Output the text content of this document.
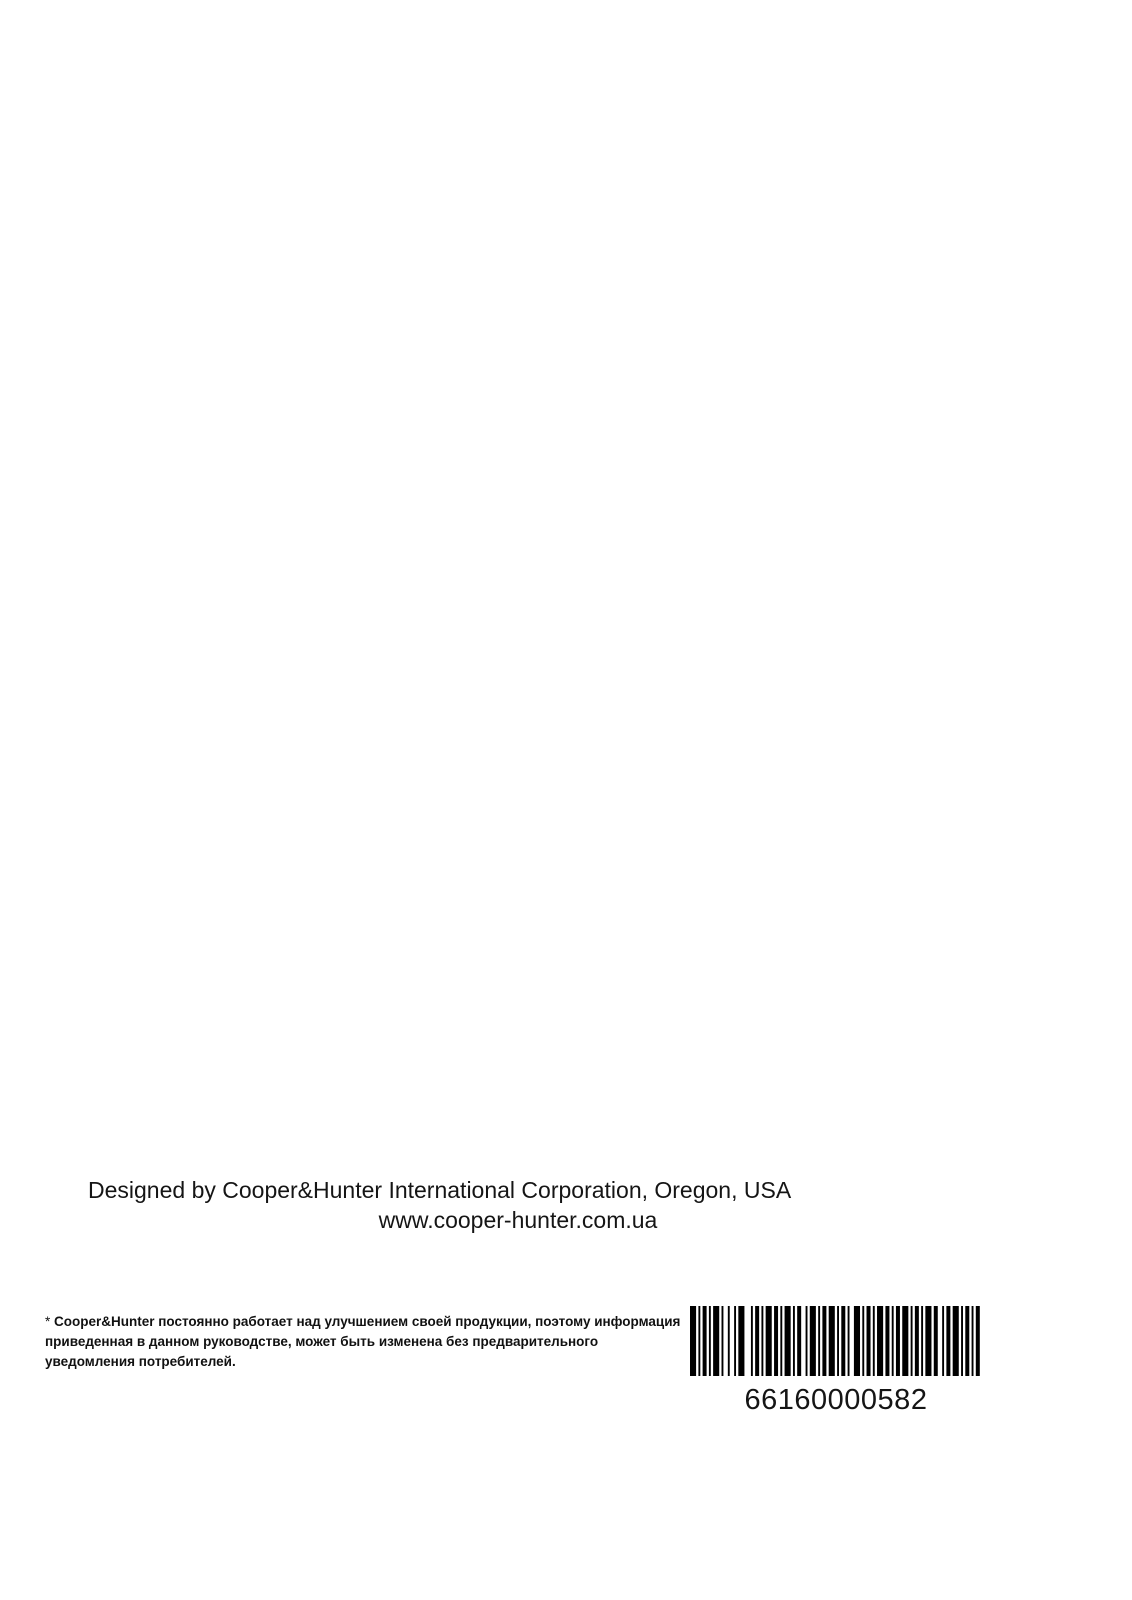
Designed by Cooper&Hunter International Corporation, Oregon, USA
www.cooper-hunter.com.ua
* Cooper&Hunter постоянно работает над улучшением своей продукции, поэтому информация приведенная в данном руководстве, может быть изменена без предварительного уведомления потребителей.
66160000582
